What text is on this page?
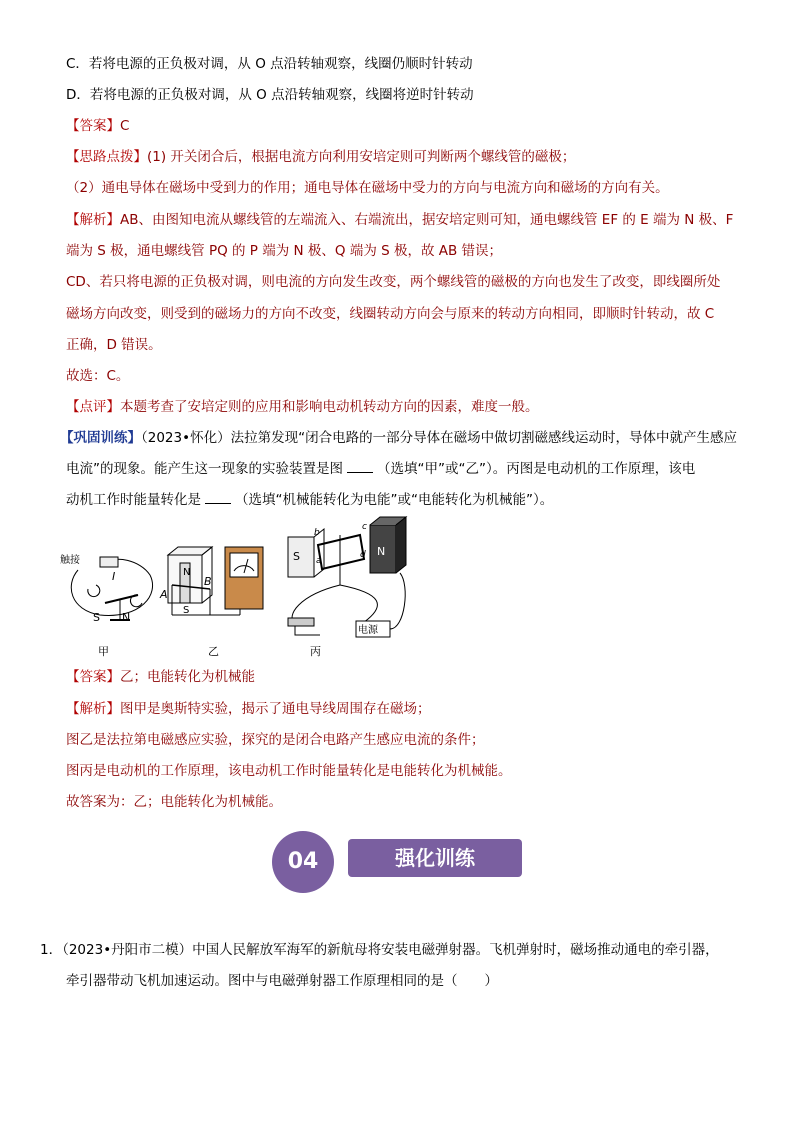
C．若将电源的正负极对调，从 O 点沿转轴观察，线圈仍顺时针转动
D．若将电源的正负极对调，从 O 点沿转轴观察，线圈将逆时针转动
【答案】C
【思路点拨】(1) 开关闭合后，根据电流方向利用安培定则可判断两个螺线管的磁极；
（2）通电导体在磁场中受到力的作用；通电导体在磁场中受力的方向与电流方向和磁场的方向有关。
【解析】AB、由图知电流从螺线管的左端流入、右端流出，据安培定则可知，通电螺线管 EF 的 E 端为 N 极、F
端为 S 极，通电螺线管 PQ 的 P 端为 N 极、Q 端为 S 极，故 AB 错误；
CD、若只将电源的正负极对调，则电流的方向发生改变，两个螺线管的磁极的方向也发生了改变，即线圈所处
磁场方向改变，则受到的磁场力的方向不改变，线圈转动方向会与原来的转动方向相同，即顺时针转动，故 C
正确，D 错误。
故选：C。
【点评】本题考查了安培定则的应用和影响电动机转动方向的因素，难度一般。
【巩固训练】（2023•怀化）法拉第发现“闭合电路的一部分导体在磁场中做切割磁感线运动时，导体中就产生感应
电流”的现象。能产生这一现象的实验装置是图	（选填“甲”或“乙”）。丙图是电动机的工作原理，该电
动机工作时能量转化是	（选填“机械能转化为电能”或“电能转化为机械能”）。
触接
I
S N
A
B
N
S
S	N
b
c
a
d
电源
甲	乙	丙
【答案】乙；电能转化为机械能
【解析】图甲是奥斯特实验，揭示了通电导线周围存在磁场；
图乙是法拉第电磁感应实验，探究的是闭合电路产生感应电流的条件；
图丙是电动机的工作原理，该电动机工作时能量转化是电能转化为机械能。
故答案为：乙；电能转化为机械能。
04	强化训练
1．（2023•丹阳市二模）中国人民解放军海军的新航母将安装电磁弹射器。飞机弹射时，磁场推动通电的牵引器，
牵引器带动飞机加速运动。图中与电磁弹射器工作原理相同的是（　　）
